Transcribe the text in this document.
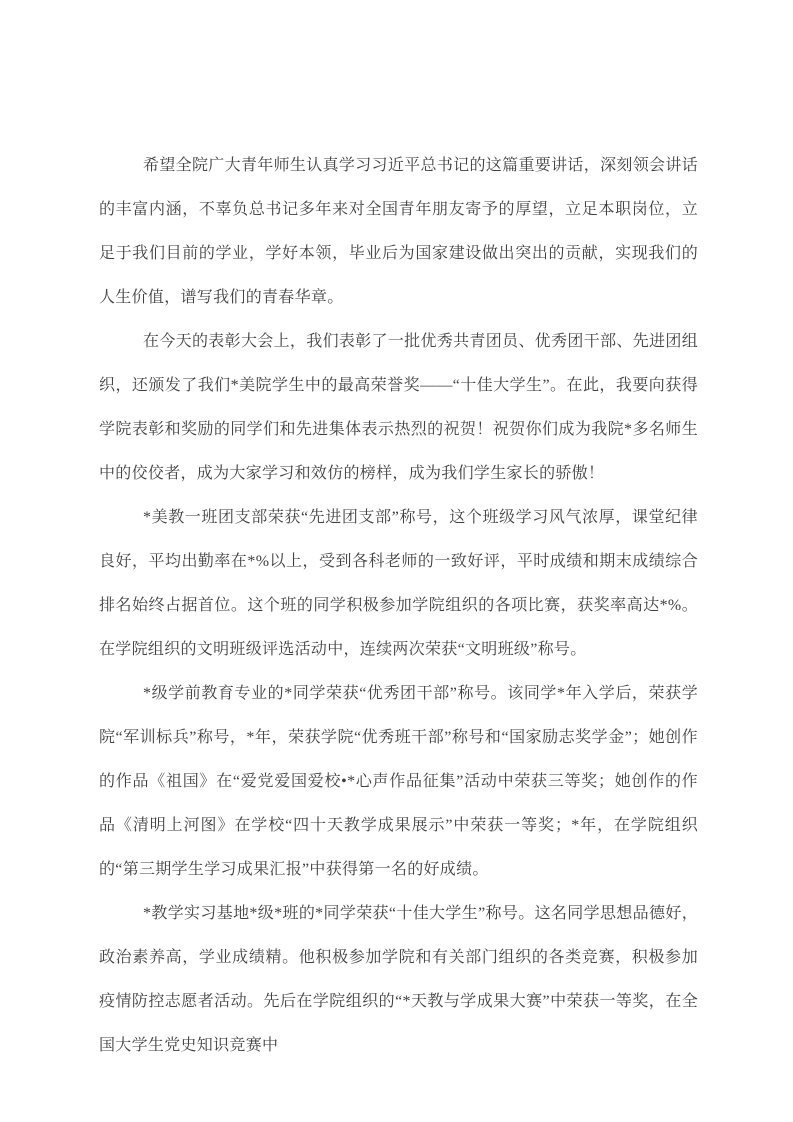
希望全院广大青年师生认真学习习近平总书记的这篇重要讲话，深刻领会讲话的丰富内涵，不辜负总书记多年来对全国青年朋友寄予的厚望，立足本职岗位，立足于我们目前的学业，学好本领，毕业后为国家建设做出突出的贡献，实现我们的人生价值，谱写我们的青春华章。

在今天的表彰大会上，我们表彰了一批优秀共青团员、优秀团干部、先进团组织，还颁发了我们*美院学生中的最高荣誉奖——“十佳大学生”。在此，我要向获得学院表彰和奖励的同学们和先进集体表示热烈的祝贺！祝贺你们成为我院*多名师生中的佼佼者，成为大家学习和效仿的榜样，成为我们学生家长的骄傲！

*美教一班团支部荣获“先进团支部”称号，这个班级学习风气浓厚，课堂纪律良好，平均出勤率在*%以上，受到各科老师的一致好评，平时成绩和期末成绩综合排名始终占据首位。这个班的同学积极参加学院组织的各项比赛，获奖率高达*%。在学院组织的文明班级评选活动中，连续两次荣获“文明班级”称号。

*级学前教育专业的*同学荣获“优秀团干部”称号。该同学*年入学后，荣获学院“军训标兵”称号，*年，荣获学院“优秀班干部”称号和“国家励志奖学金”；她创作的作品《祖国》在“爱党爱国爱校•*心声作品征集”活动中荣获三等奖；她创作的作品《清明上河图》在学校“四十天教学成果展示”中荣获一等奖；*年，在学院组织的“第三期学生学习成果汇报”中获得第一名的好成绩。

*教学实习基地*级*班的*同学荣获“十佳大学生”称号。这名同学思想品德好，政治素养高，学业成绩精。他积极参加学院和有关部门组织的各类竞赛，积极参加疫情防控志愿者活动。先后在学院组织的“*天教与学成果大赛”中荣获一等奖，在全国大学生党史知识竞赛中
